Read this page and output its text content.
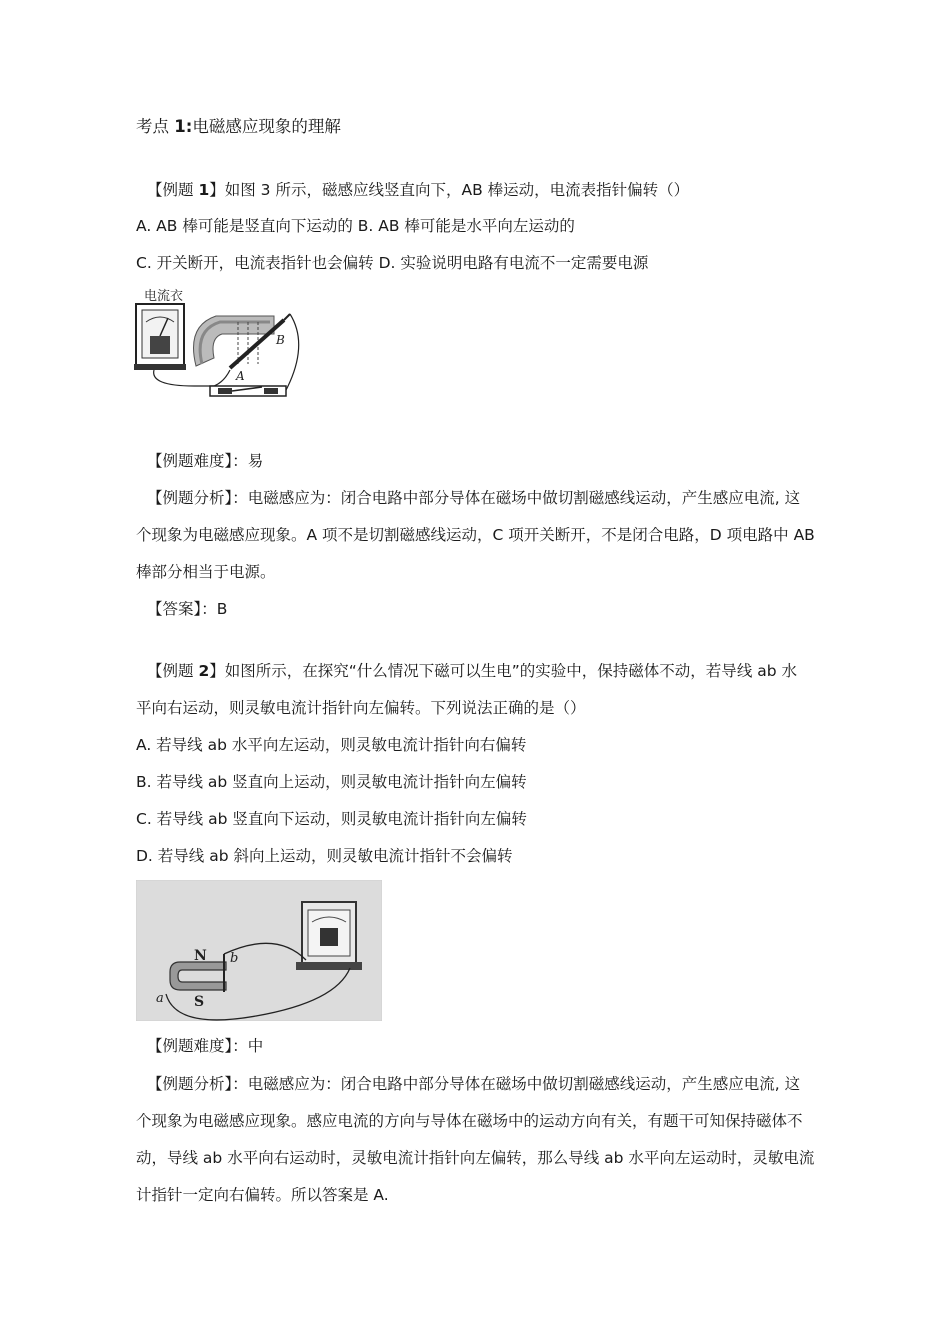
考点 1:电磁感应现象的理解
【例题 1】如图 3 所示，磁感应线竖直向下，AB 棒运动，电流表指针偏转（）
A. AB 棒可能是竖直向下运动的 B. AB 棒可能是水平向左运动的
C. 开关断开，电流表指针也会偏转 D. 实验说明电路有电流不一定需要电源
电流衣
B
A
【例题难度】：易
【例题分析】：电磁感应为：闭合电路中部分导体在磁场中做切割磁感线运动，产生感应电流, 这
个现象为电磁感应现象。A 项不是切割磁感线运动，C 项开关断开，不是闭合电路，D 项电路中 AB
棒部分相当于电源。
【答案】：B
【例题 2】如图所示，在探究“什么情况下磁可以生电”的实验中，保持磁体不动，若导线 ab 水
平向右运动，则灵敏电流计指针向左偏转。下列说法正确的是（）
A. 若导线 ab 水平向左运动，则灵敏电流计指针向右偏转
B. 若导线 ab 竖直向上运动，则灵敏电流计指针向左偏转
C. 若导线 ab 竖直向下运动，则灵敏电流计指针向左偏转
D. 若导线 ab 斜向上运动，则灵敏电流计指针不会偏转
N b
S
a
【例题难度】：中
【例题分析】：电磁感应为：闭合电路中部分导体在磁场中做切割磁感线运动，产生感应电流, 这
个现象为电磁感应现象。感应电流的方向与导体在磁场中的运动方向有关，有题干可知保持磁体不
动，导线 ab 水平向右运动时，灵敏电流计指针向左偏转，那么导线 ab 水平向左运动时，灵敏电流
计指针一定向右偏转。所以答案是 A.
